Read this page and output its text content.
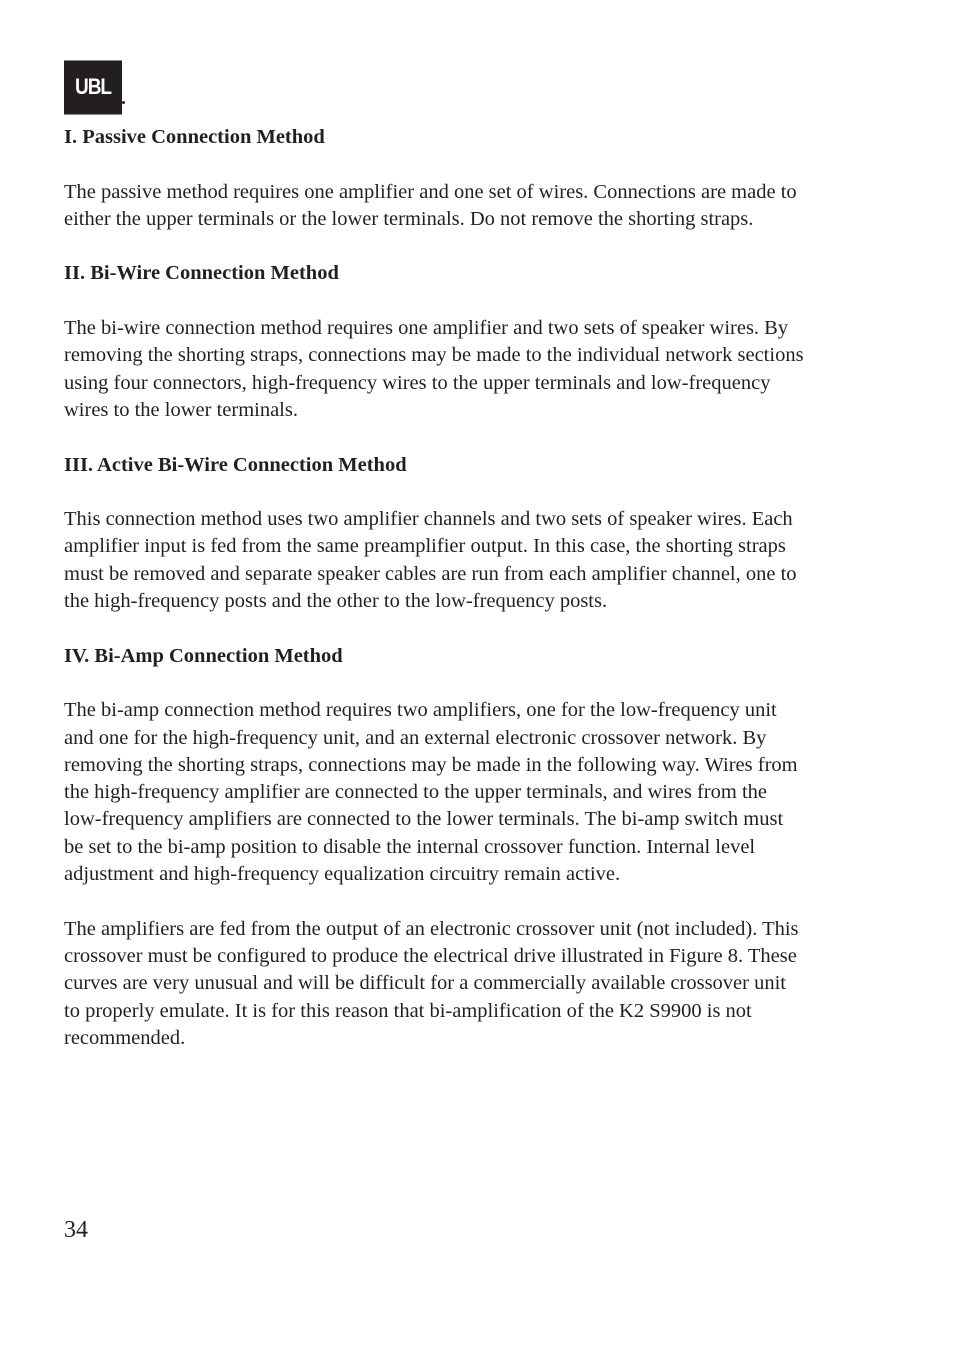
UBL
I. Passive Connection Method
The passive method requires one amplifier and one set of wires. Connections are made to either the upper terminals or the lower terminals. Do not remove the shorting straps.
II. Bi-Wire Connection Method
The bi-wire connection method requires one amplifier and two sets of speaker wires. By removing the shorting straps, connections may be made to the individual network sections using four connectors, high-frequency wires to the upper terminals and low-frequency wires to the lower terminals.
III. Active Bi-Wire Connection Method
This connection method uses two amplifier channels and two sets of speaker wires. Each amplifier input is fed from the same preamplifier output. In this case, the shorting straps must be removed and separate speaker cables are run from each amplifier channel, one to the high-frequency posts and the other to the low-frequency posts.
IV. Bi-Amp Connection Method
The bi-amp connection method requires two amplifiers, one for the low-frequency unit and one for the high-frequency unit, and an external electronic crossover network. By removing the shorting straps, connections may be made in the following way. Wires from the high-frequency amplifier are connected to the upper terminals, and wires from the low-frequency amplifiers are connected to the lower terminals. The bi-amp switch must be set to the bi-amp position to disable the internal crossover function. Internal level adjustment and high-frequency equalization circuitry remain active.
The amplifiers are fed from the output of an electronic crossover unit (not included). This crossover must be configured to produce the electrical drive illustrated in Figure 8. These curves are very unusual and will be difficult for a commercially available crossover unit to properly emulate. It is for this reason that bi-amplification of the K2 S9900 is not recommended.
34
